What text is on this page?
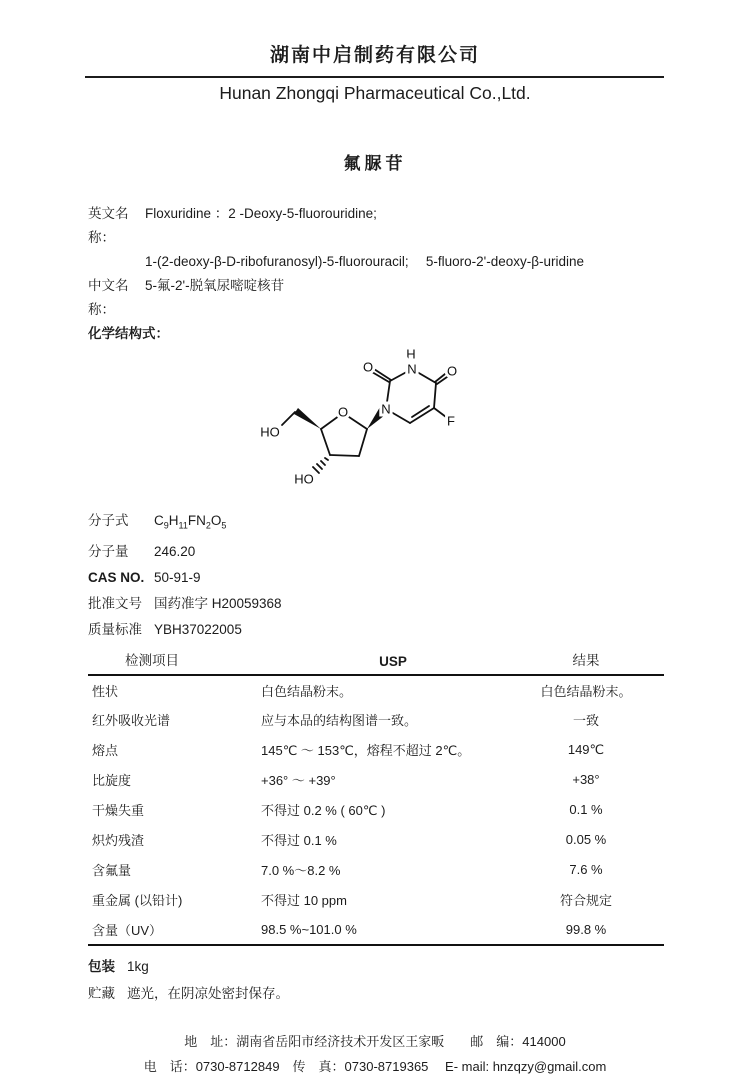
湖南中启制药有限公司
Hunan Zhongqi Pharmaceutical Co.,Ltd.
氟脲苷
英文名称：
Floxuridine ：2 -Deoxy-5-fluorouridine;
1-(2-deoxy-β-D-ribofuranosyl)-5-fluorouracil;　 5-fluoro-2'-deoxy-β-uridine
中文名称：
5-氟-2'-脱氧尿嘧啶核苷
化学结构式：
O
H
N O
F
N
O
HO
HO
分子式	$C_9H_{11}FN_2O_5$
分子量	246.20
CAS NO. 50-91-9
批准文号 国药准字 H20059368
质量标准 YBH37022005
检测项目	USP	结果
性状	白色结晶粉末。	白色结晶粉末。
红外吸收光谱	应与本品的结构图谱一致。	一致
熔点	145℃ ～ 153℃，熔程不超过 2℃。	149℃
比旋度	+36° ～ +39°	+38°
干燥失重	不得过 0.2 % ( 60℃ )	0.1 %
炽灼残渣	不得过 0.1 %	0.05 %
含氟量	7.0 %～8.2 %	7.6 %
重金属 (以铅计)	不得过 10 ppm	符合规定
含量（UV）	98.5 %~101.0 %	99.8 %
包装 1kg
贮藏 遮光，在阴凉处密封保存。
地　址：湖南省岳阳市经济技术开发区王家畈　　邮　编：414000
电　话：0730-8712849　传　真：0730-8719365　 E- mail: hnzqzy@gmail.com
